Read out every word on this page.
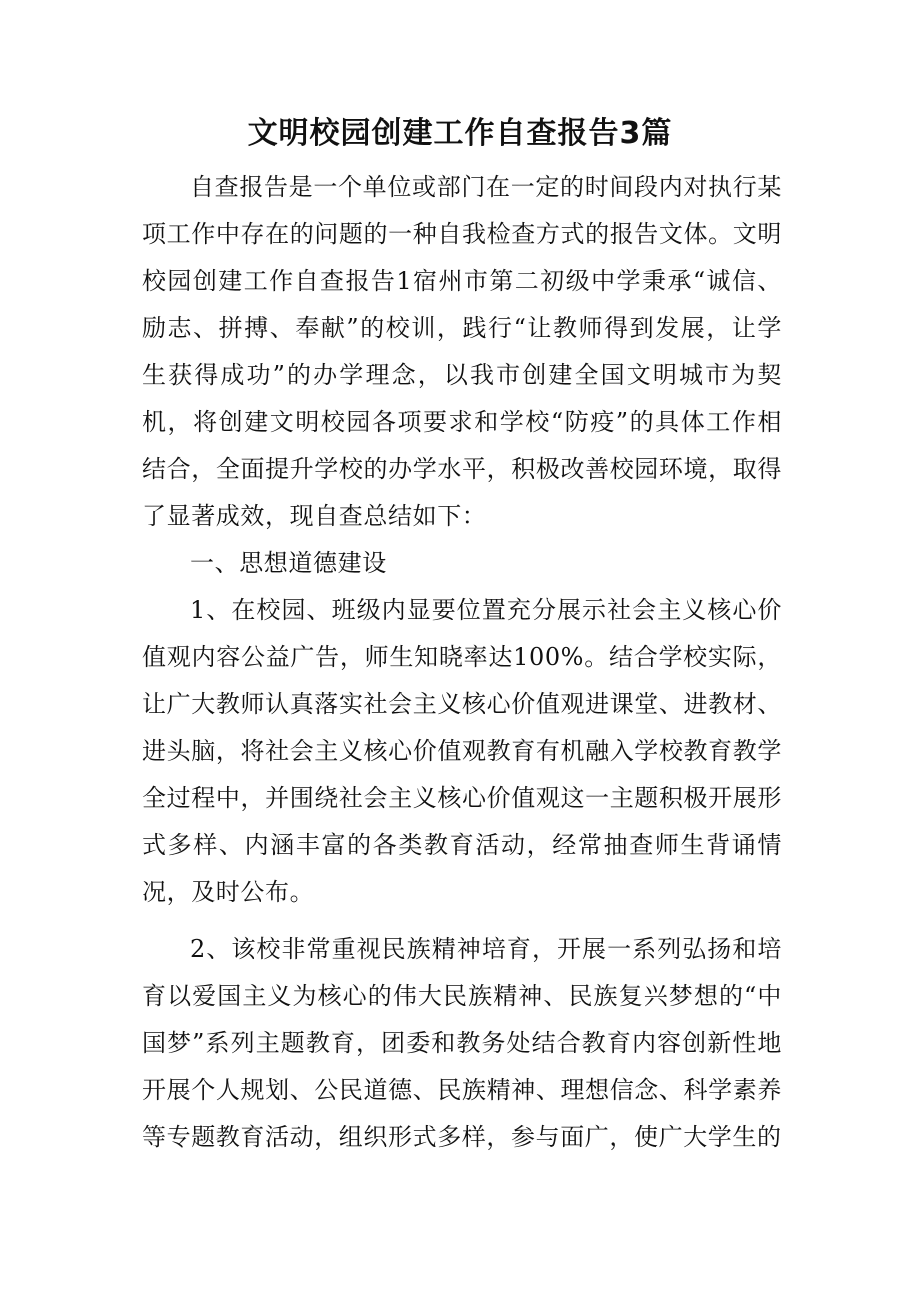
文明校园创建工作自查报告3篇

自查报告是一个单位或部门在一定的时间段内对执行某项工作中存在的问题的一种自我检查方式的报告文体。文明校园创建工作自查报告1宿州市第二初级中学秉承“诚信、励志、拼搏、奉献”的校训，践行“让教师得到发展，让学生获得成功”的办学理念，以我市创建全国文明城市为契机，将创建文明校园各项要求和学校“防疫”的具体工作相结合，全面提升学校的办学水平，积极改善校园环境，取得了显著成效，现自查总结如下：

一、思想道德建设

1、在校园、班级内显要位置充分展示社会主义核心价值观内容公益广告，师生知晓率达100%。结合学校实际，让广大教师认真落实社会主义核心价值观进课堂、进教材、进头脑，将社会主义核心价值观教育有机融入学校教育教学全过程中，并围绕社会主义核心价值观这一主题积极开展形式多样、内涵丰富的各类教育活动，经常抽查师生背诵情况，及时公布。

2、该校非常重视民族精神培育，开展一系列弘扬和培育以爱国主义为核心的伟大民族精神、民族复兴梦想的“中国梦”系列主题教育，团委和教务处结合教育内容创新性地开展个人规划、公民道德、民族精神、理想信念、科学素养等专题教育活动，组织形式多样，参与面广，使广大学生的
